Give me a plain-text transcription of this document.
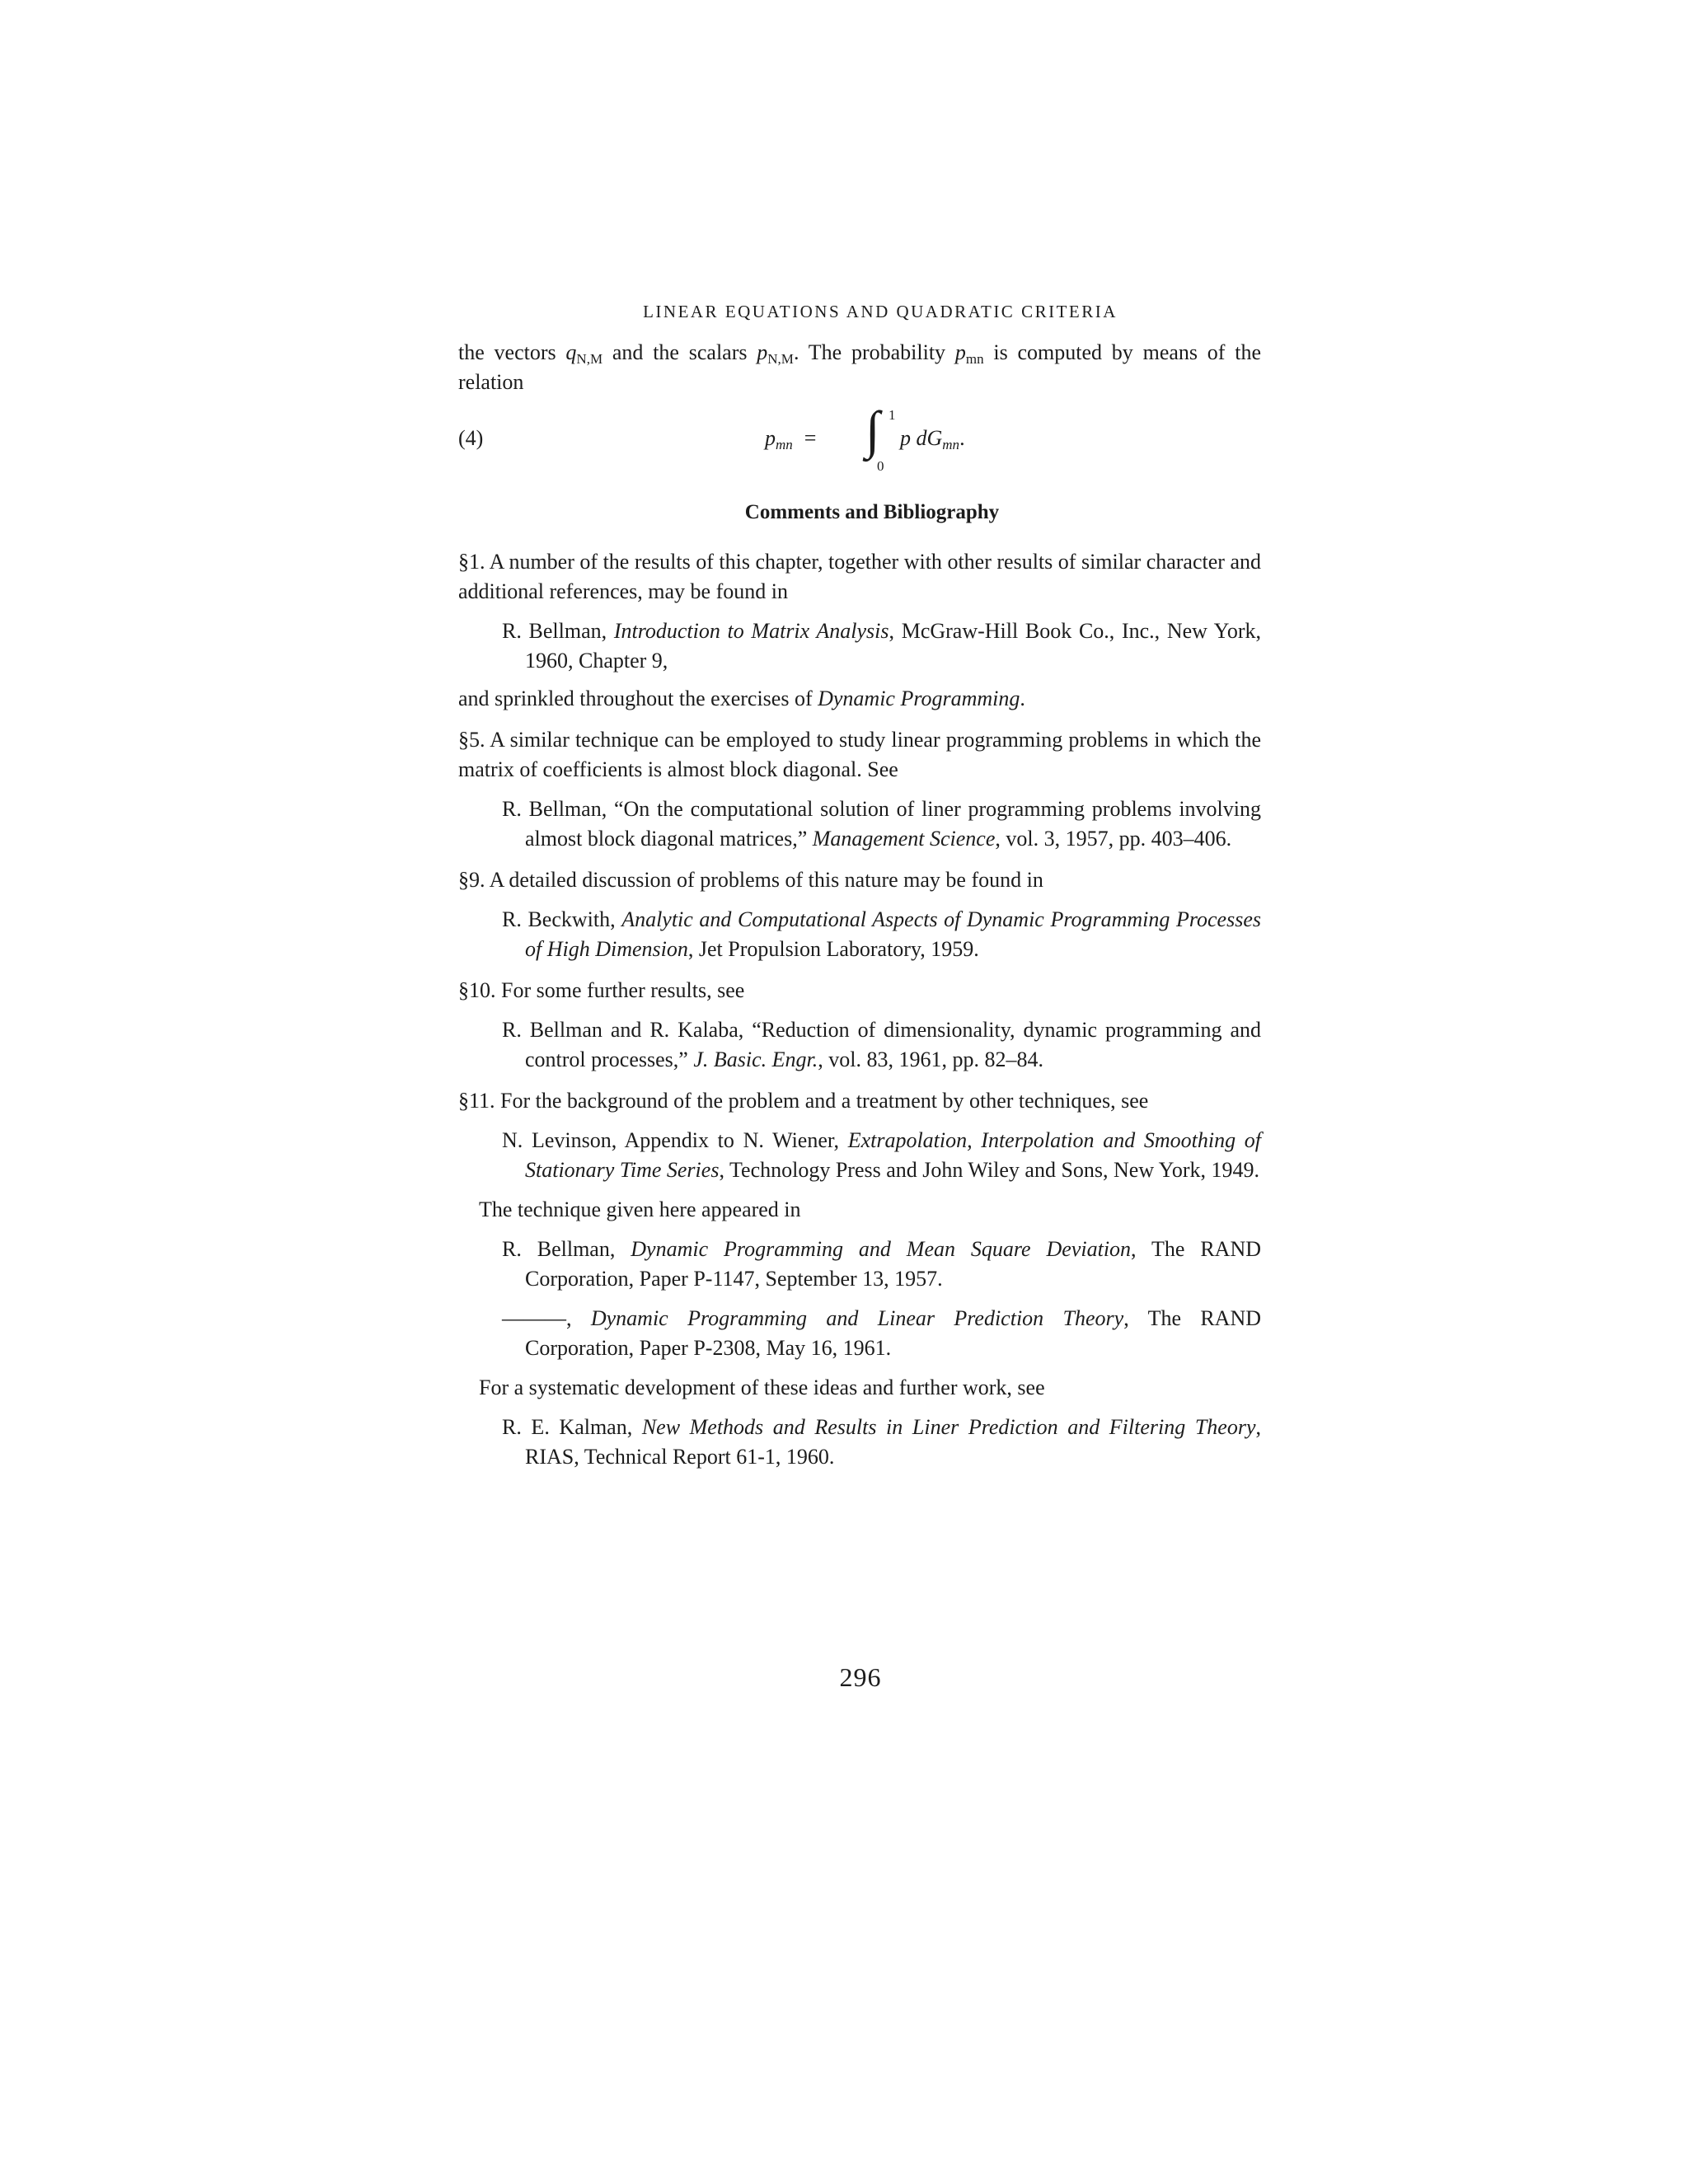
LINEAR EQUATIONS AND QUADRATIC CRITERIA

the vectors $q_{N,M}$ and the scalars $p_{N,M}$. The probability $p_{mn}$ is computed by means of the relation

(4)	$p_{mn}$ = ∫ 1
0
p $dG_{mn}$.
Comments and Bibliography

§1. A number of the results of this chapter, together with other results of similar character and additional references, may be found in

R. Bellman, Introduction to Matrix Analysis, McGraw-Hill Book Co., Inc., New York, 1960, Chapter 9,

and sprinkled throughout the exercises of Dynamic Programming.

§5. A similar technique can be employed to study linear programming problems in which the matrix of coefficients is almost block diagonal. See

R. Bellman, “On the computational solution of liner programming problems involving almost block diagonal matrices,” Management Science, vol. 3, 1957, pp. 403–406.

§9. A detailed discussion of problems of this nature may be found in

R. Beckwith, Analytic and Computational Aspects of Dynamic Programming Processes of High Dimension, Jet Propulsion Laboratory, 1959.

§10. For some further results, see

R. Bellman and R. Kalaba, “Reduction of dimensionality, dynamic programming and control processes,” J. Basic. Engr., vol. 83, 1961, pp. 82–84.

§11. For the background of the problem and a treatment by other techniques, see

N. Levinson, Appendix to N. Wiener, Extrapolation, Interpolation and Smoothing of Stationary Time Series, Technology Press and John Wiley and Sons, New York, 1949.

The technique given here appeared in

R. Bellman, Dynamic Programming and Mean Square Deviation, The RAND Corporation, Paper P-1147, September 13, 1957.

———, Dynamic Programming and Linear Prediction Theory, The RAND Corporation, Paper P-2308, May 16, 1961.

For a systematic development of these ideas and further work, see

R. E. Kalman, New Methods and Results in Liner Prediction and Filtering Theory, RIAS, Technical Report 61-1, 1960.

296
